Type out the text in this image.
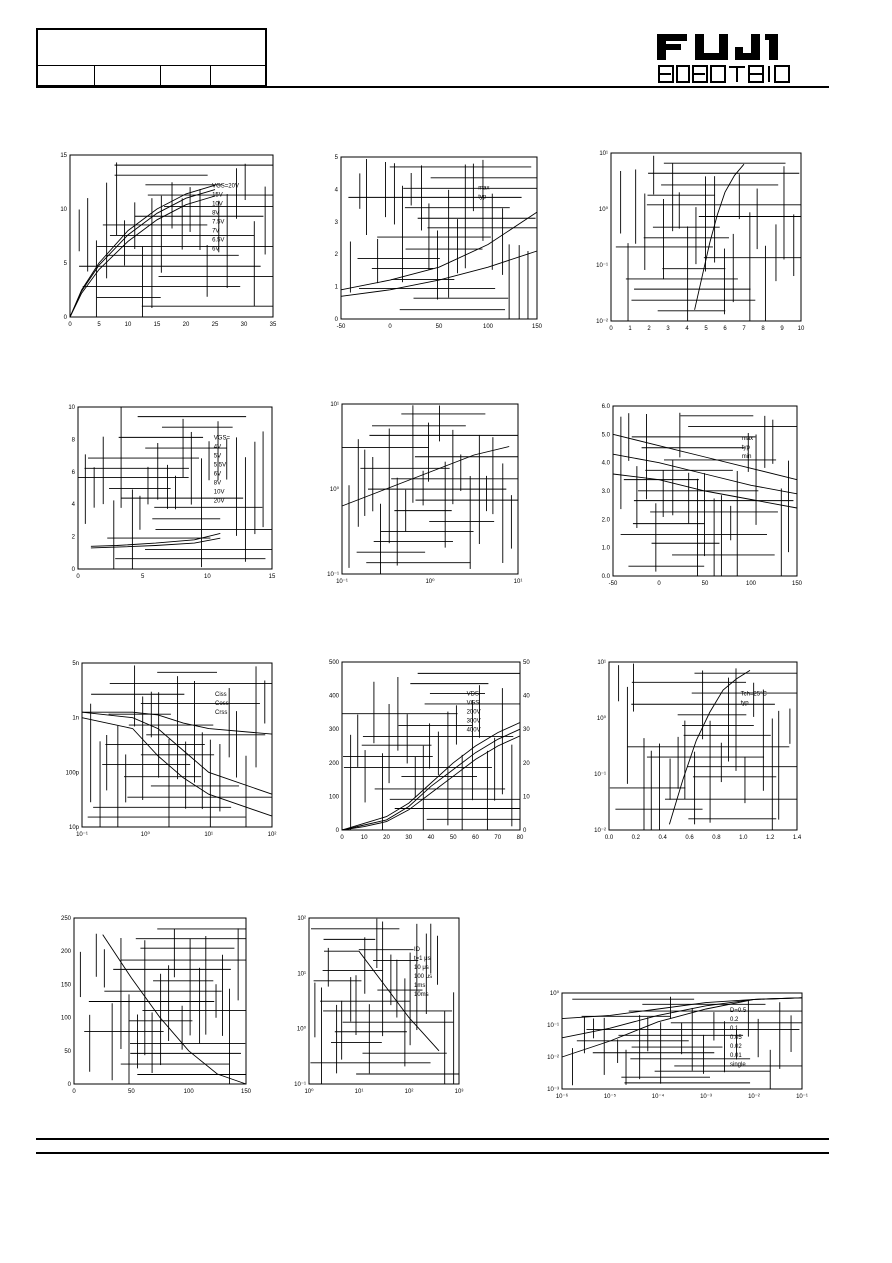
0	5	10	15	20	25	30	35
0
5
10
15
VGS=20V
15V
10V
8V
7.5V
7V
6.5V
6V
-50	0	50	100	150
0
1
2
3
4
5
max
typ
0	1	2	3	4	5	6	7	8	9 10
10⁻²
10⁻¹
10⁰
10¹
0	5	10	15
0
2
4
6
8
10
VGS=
4V
5V
5.5V
6V
8V
10V
20V
10⁻¹	10⁰	10¹
10⁻¹
10⁰
10¹
-50	0	50	100	150
0.0
1.0
2.0
3.0
4.0
5.0
6.0
max
typ
min
10⁻¹	10⁰	10¹	10²
10p
100p
1n
5n
Ciss
Coss
Crss
0	10	20	30	40	50	60	70	80
0
100
200
300
400
500
0
10
20
30
40
50
VDS
VGS
200V
300V
400V
0.0	0.2	0.4	0.6	0.8	1.0	1.2	1.4
10⁻²
10⁻¹
10⁰
10¹
Tch=25°C
typ
0	50	100	150
0
50
100
150
200
250
10⁰	10¹	10²	10³
10⁻¹
10⁰
10¹
10²
ID
t=1 μs
10 μs
100 μs
1ms
10ms
10⁻⁶	10⁻⁵	10⁻⁴	10⁻³	10⁻²	10⁻¹
10⁻³
10⁻²
10⁻¹
10⁰
D=0.5
0.2
0.1
0.05
0.02
0.01
single
